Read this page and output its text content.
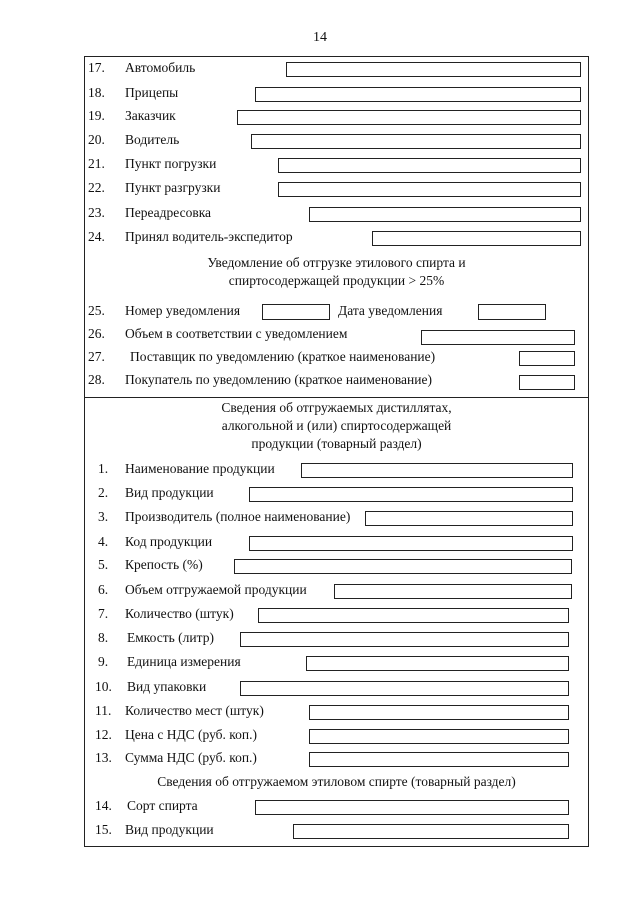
14
17.	Автомобиль
18.	Прицепы
19.	Заказчик
20.	Водитель
21.	Пункт погрузки
22.	Пункт разгрузки
23.	Переадресовка
24.	Принял водитель-экспедитор
Уведомление об отгрузке этилового спирта и
спиртосодержащей продукции > 25%
25.	Номер уведомления	Дата уведомления
26.	Объем в соответствии с уведомлением
27.	Поставщик по уведомлению (краткое наименование)
28.	Покупатель по уведомлению (краткое наименование)
Сведения об отгружаемых дистиллятах,
алкогольной и (или) спиртосодержащей
продукции (товарный раздел)
1.	Наименование продукции
2.	Вид продукции
3.	Производитель (полное наименование)
4.	Код продукции
5.	Крепость (%)
6.	Объем отгружаемой продукции
7.	Количество (штук)
8.	Емкость (литр)
9.	Единица измерения
10.	Вид упаковки
11.	Количество мест (штук)
12. Цена с НДС (руб. коп.)
13. Сумма НДС (руб. коп.)
Сведения об отгружаемом этиловом спирте (товарный раздел)
14.	Сорт спирта
15. Вид продукции
